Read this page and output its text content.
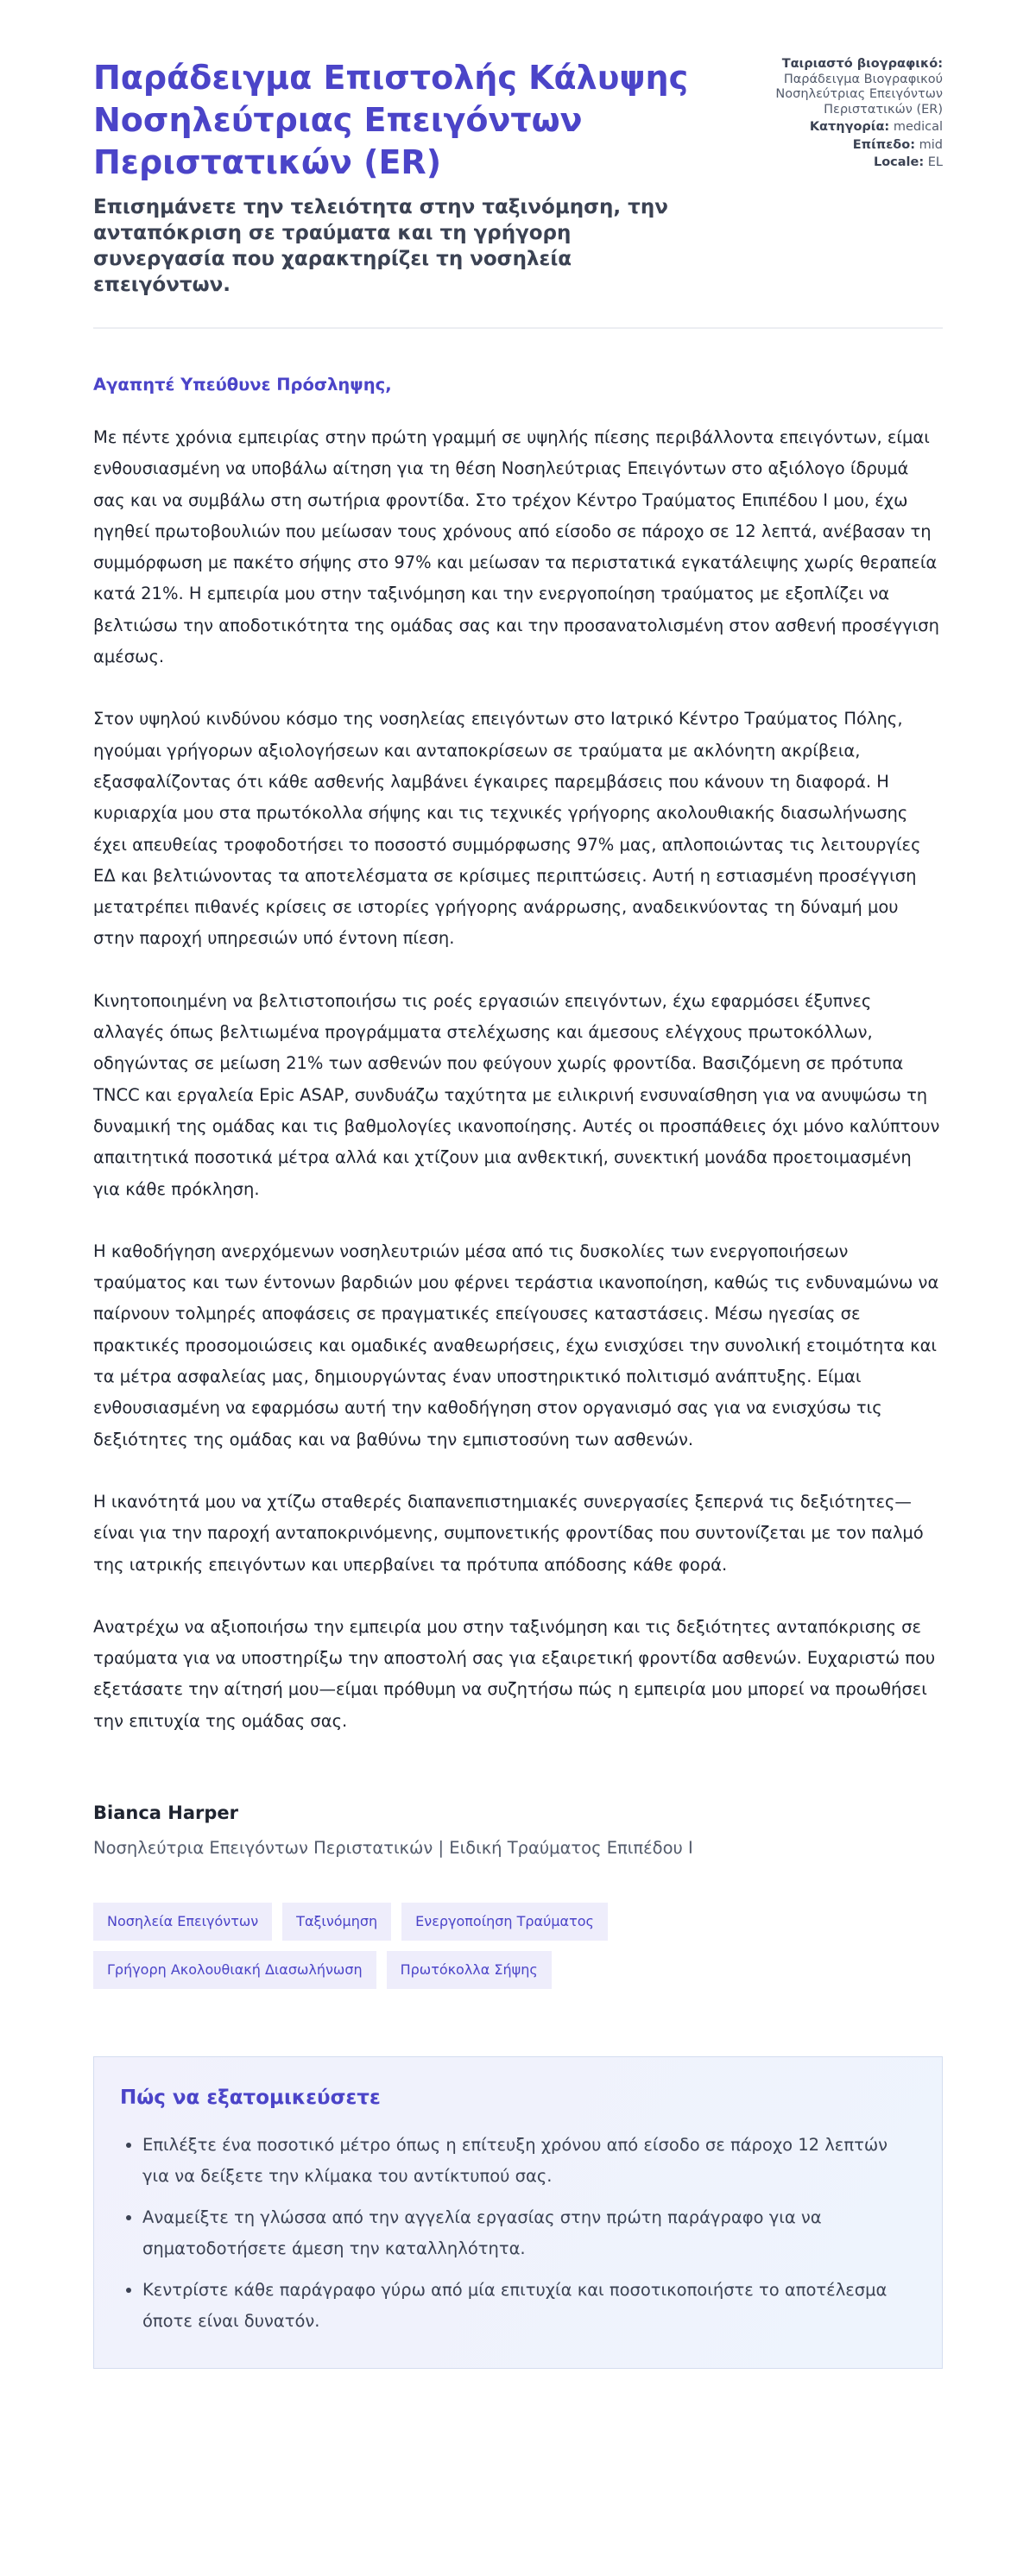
Παράδειγμα Επιστολής Κάλυψης Νοσηλεύτριας Επειγόντων Περιστατικών (ER)

Επισημάνετε την τελειότητα στην ταξινόμηση, την ανταπόκριση σε τραύματα και τη γρήγορη συνεργασία που χαρακτηρίζει τη νοσηλεία επειγόντων.

Ταιριαστό βιογραφικό:
Παράδειγμα Βιογραφικού Νοσηλεύτριας Επειγόντων Περιστατικών (ER)
Κατηγορία: medical
Επίπεδο: mid
Locale: EL
Αγαπητέ Υπεύθυνε Πρόσληψης,

Με πέντε χρόνια εμπειρίας στην πρώτη γραμμή σε υψηλής πίεσης περιβάλλοντα επειγόντων, είμαι ενθουσιασμένη να υποβάλω αίτηση για τη θέση Νοσηλεύτριας Επειγόντων στο αξιόλογο ίδρυμά σας και να συμβάλω στη σωτήρια φροντίδα. Στο τρέχον Κέντρο Τραύματος Επιπέδου Ι μου, έχω ηγηθεί πρωτοβουλιών που μείωσαν τους χρόνους από είσοδο σε πάροχο σε 12 λεπτά, ανέβασαν τη συμμόρφωση με πακέτο σήψης στο 97% και μείωσαν τα περιστατικά εγκατάλειψης χωρίς θεραπεία κατά 21%. Η εμπειρία μου στην ταξινόμηση και την ενεργοποίηση τραύματος με εξοπλίζει να βελτιώσω την αποδοτικότητα της ομάδας σας και την προσανατολισμένη στον ασθενή προσέγγιση αμέσως.

Στον υψηλού κινδύνου κόσμο της νοσηλείας επειγόντων στο Ιατρικό Κέντρο Τραύματος Πόλης, ηγούμαι γρήγορων αξιολογήσεων και ανταποκρίσεων σε τραύματα με ακλόνητη ακρίβεια, εξασφαλίζοντας ότι κάθε ασθενής λαμβάνει έγκαιρες παρεμβάσεις που κάνουν τη διαφορά. Η κυριαρχία μου στα πρωτόκολλα σήψης και τις τεχνικές γρήγορης ακολουθιακής διασωλήνωσης έχει απευθείας τροφοδοτήσει το ποσοστό συμμόρφωσης 97% μας, απλοποιώντας τις λειτουργίες ΕΔ και βελτιώνοντας τα αποτελέσματα σε κρίσιμες περιπτώσεις. Αυτή η εστιασμένη προσέγγιση μετατρέπει πιθανές κρίσεις σε ιστορίες γρήγορης ανάρρωσης, αναδεικνύοντας τη δύναμή μου στην παροχή υπηρεσιών υπό έντονη πίεση.

Κινητοποιημένη να βελτιστοποιήσω τις ροές εργασιών επειγόντων, έχω εφαρμόσει έξυπνες αλλαγές όπως βελτιωμένα προγράμματα στελέχωσης και άμεσους ελέγχους πρωτοκόλλων, οδηγώντας σε μείωση 21% των ασθενών που φεύγουν χωρίς φροντίδα. Βασιζόμενη σε πρότυπα TNCC και εργαλεία Epic ASAP, συνδυάζω ταχύτητα με ειλικρινή ενσυναίσθηση για να ανυψώσω τη δυναμική της ομάδας και τις βαθμολογίες ικανοποίησης. Αυτές οι προσπάθειες όχι μόνο καλύπτουν απαιτητικά ποσοτικά μέτρα αλλά και χτίζουν μια ανθεκτική, συνεκτική μονάδα προετοιμασμένη για κάθε πρόκληση.

Η καθοδήγηση ανερχόμενων νοσηλευτριών μέσα από τις δυσκολίες των ενεργοποιήσεων τραύματος και των έντονων βαρδιών μου φέρνει τεράστια ικανοποίηση, καθώς τις ενδυναμώνω να παίρνουν τολμηρές αποφάσεις σε πραγματικές επείγουσες καταστάσεις. Μέσω ηγεσίας σε πρακτικές προσομοιώσεις και ομαδικές αναθεωρήσεις, έχω ενισχύσει την συνολική ετοιμότητα και τα μέτρα ασφαλείας μας, δημιουργώντας έναν υποστηρικτικό πολιτισμό ανάπτυξης. Είμαι ενθουσιασμένη να εφαρμόσω αυτή την καθοδήγηση στον οργανισμό σας για να ενισχύσω τις δεξιότητες της ομάδας και να βαθύνω την εμπιστοσύνη των ασθενών.

Η ικανότητά μου να χτίζω σταθερές διαπανεπιστημιακές συνεργασίες ξεπερνά τις δεξιότητες—είναι για την παροχή ανταποκρινόμενης, συμπονετικής φροντίδας που συντονίζεται με τον παλμό της ιατρικής επειγόντων και υπερβαίνει τα πρότυπα απόδοσης κάθε φορά.

Ανατρέχω να αξιοποιήσω την εμπειρία μου στην ταξινόμηση και τις δεξιότητες ανταπόκρισης σε τραύματα για να υποστηρίξω την αποστολή σας για εξαιρετική φροντίδα ασθενών. Ευχαριστώ που εξετάσατε την αίτησή μου—είμαι πρόθυμη να συζητήσω πώς η εμπειρία μου μπορεί να προωθήσει την επιτυχία της ομάδας σας.

Bianca Harper
Νοσηλεύτρια Επειγόντων Περιστατικών | Ειδική Τραύματος Επιπέδου Ι
Νοσηλεία Επειγόντων	Ταξινόμηση	Ενεργοποίηση Τραύματος
Γρήγορη Ακολουθιακή Διασωλήνωση	Πρωτόκολλα Σήψης
Πώς να εξατομικεύσετε
• Επιλέξτε ένα ποσοτικό μέτρο όπως η επίτευξη χρόνου από είσοδο σε πάροχο 12 λεπτών για να δείξετε την κλίμακα του αντίκτυπού σας.
• Αναμείξτε τη γλώσσα από την αγγελία εργασίας στην πρώτη παράγραφο για να σηματοδοτήσετε άμεση την καταλληλότητα.
• Κεντρίστε κάθε παράγραφο γύρω από μία επιτυχία και ποσοτικοποιήστε το αποτέλεσμα όποτε είναι δυνατόν.
